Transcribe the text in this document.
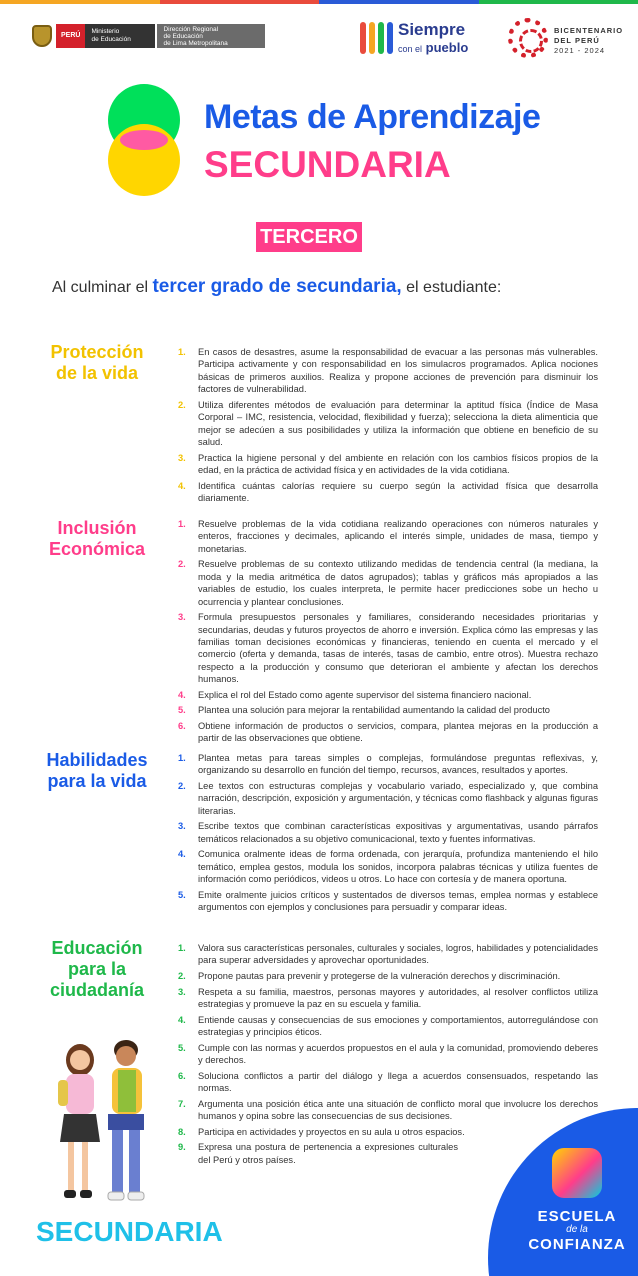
PERÚ
Ministerio
de Educación
Dirección Regional
de Educación
de Lima Metropolitana
Siempre
con el pueblo
BICENTENARIO
DEL PERÚ
2021 - 2024
Metas de Aprendizaje
SECUNDARIA
TERCERO
Al culminar el tercer grado de secundaria, el estudiante:
Protección
de la vida
1. En casos de desastres, asume la responsabilidad de evacuar a las personas más vulnerables. Participa activamente y con responsabilidad en los simulacros programados. Aplica nociones básicas de primeros auxilios. Realiza y propone acciones de prevención para disminuir los factores de vulnerabilidad.
2. Utiliza diferentes métodos de evaluación para determinar la aptitud física (Índice de Masa Corporal – IMC, resistencia, velocidad, flexibilidad y fuerza); selecciona la dieta alimenticia que mejor se adecúen a sus posibilidades y utiliza la información que obtiene en beneficio de su salud.
3. Practica la higiene personal y del ambiente en relación con los cambios físicos propios de la edad, en la práctica de actividad física y en actividades de la vida cotidiana.
4. Identifica cuántas calorías requiere su cuerpo según la actividad física que desarrolla diariamente.
Inclusión
Económica
1. Resuelve problemas de la vida cotidiana realizando operaciones con números naturales y enteros, fracciones y decimales, aplicando el interés simple, unidades de masa, tiempo y monetarias.
2. Resuelve problemas de su contexto utilizando medidas de tendencia central (la mediana, la moda y la media aritmética de datos agrupados); tablas y gráficos más apropiados a las variables de estudio, los cuales interpreta, le permite hacer predicciones sobe un hecho u ocurrencia y plantear conclusiones.
3. Formula presupuestos personales y familiares, considerando necesidades prioritarias y secundarias, deudas y futuros proyectos de ahorro e inversión. Explica cómo las empresas y las familias toman decisiones económicas y financieras, teniendo en cuenta el mercado y el comercio (oferta y demanda, tasas de interés, tasas de cambio, entre otros). Muestra rechazo respecto a la producción y consumo que deterioran el ambiente y afectan los derechos humanos.
4. Explica el rol del Estado como agente supervisor del sistema financiero nacional.
5. Plantea una solución para mejorar la rentabilidad aumentando la calidad del producto
6. Obtiene información de productos o servicios, compara, plantea mejoras en la producción a partir de las observaciones que obtiene.
Habilidades
para la vida
1. Plantea metas para tareas simples o complejas, formulándose preguntas reflexivas, y, organizando su desarrollo en función del tiempo, recursos, avances, resultados y aportes.
2. Lee textos con estructuras complejas y vocabulario variado, especializado y, que combina narración, descripción, exposición y argumentación, y técnicas como flashback y algunas figuras literarias.
3. Escribe textos que combinan características expositivas y argumentativas, usando párrafos temáticos relacionados a su objetivo comunicacional, texto y fuentes informativas.
4. Comunica oralmente ideas de forma ordenada, con jerarquía, profundiza manteniendo el hilo temático, emplea gestos, modula los sonidos, incorpora palabras técnicas y utiliza fuentes de información como periódicos, videos u otros. Lo hace con cortesía y de manera oportuna.
5. Emite oralmente juicios críticos y sustentados de diversos temas, emplea normas y establece argumentos con ejemplos y conclusiones para persuadir y comparar ideas.
Educación
para la
ciudadanía
1. Valora sus características personales, culturales y sociales, logros, habilidades y potencialidades para superar adversidades y aprovechar oportunidades.
2. Propone pautas para prevenir y protegerse de la vulneración derechos y discriminación.
3. Respeta a su familia, maestros, personas mayores y autoridades, al resolver conflictos utiliza estrategias y promueve la paz en su escuela y familia.
4. Entiende causas y consecuencias de sus emociones y comportamientos, autorregulándose con estrategias y principios éticos.
5. Cumple con las normas y acuerdos propuestos en el aula y la comunidad, promoviendo deberes y derechos.
6. Soluciona conflictos a partir del diálogo y llega a acuerdos consensuados, respetando las normas.
7. Argumenta una posición ética ante una situación de conflicto moral que involucre los derechos humanos y opina sobre las consecuencias de sus decisiones.
8. Participa en actividades y proyectos en su aula u otros espacios.
9. Expresa una postura de pertenencia a expresiones culturales del Perú y otros países.
SECUNDARIA	ESCUELA
de la
CONFIANZA
